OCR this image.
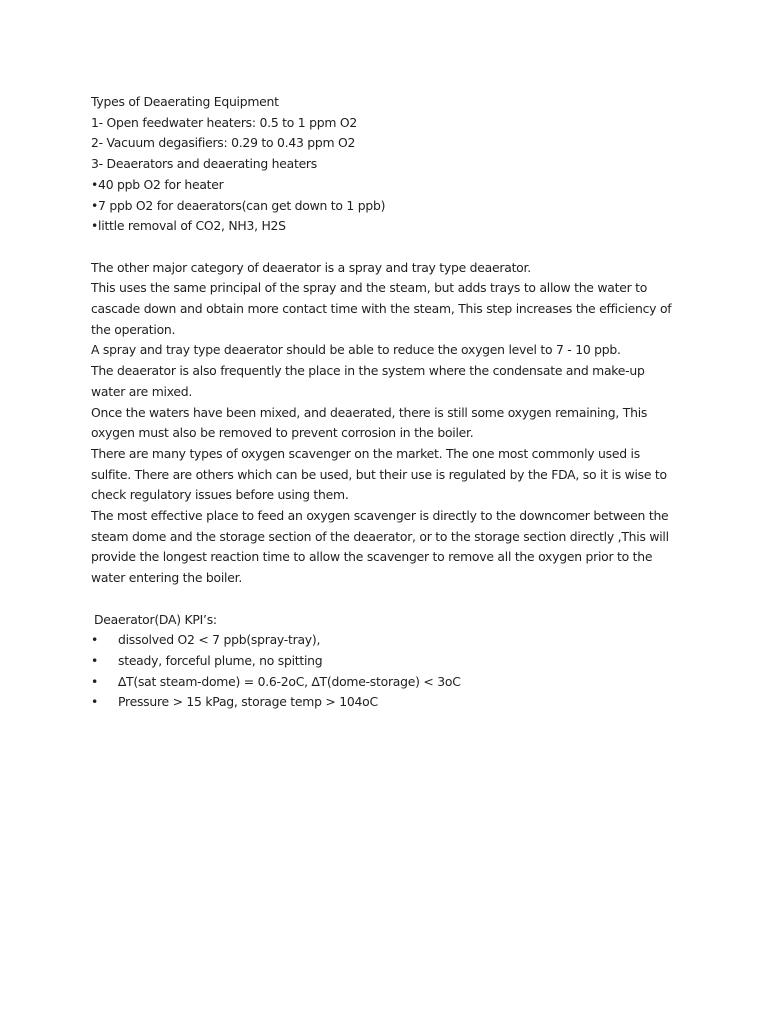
Types of Deaerating Equipment
1- Open feedwater heaters: 0.5 to 1 ppm O2
2- Vacuum degasifiers: 0.29 to 0.43 ppm O2
3- Deaerators and deaerating heaters
•40 ppb O2 for heater
•7 ppb O2 for deaerators(can get down to 1 ppb)
•little removal of CO2, NH3, H2S
The other major category of deaerator is a spray and tray type deaerator.
This uses the same principal of the spray and the steam, but adds trays to allow the water to cascade down and obtain more contact time with the steam, This step increases the efficiency of the operation.
A spray and tray type deaerator should be able to reduce the oxygen level to 7 - 10 ppb.
The deaerator is also frequently the place in the system where the condensate and make-up water are mixed.
Once the waters have been mixed, and deaerated, there is still some oxygen remaining, This oxygen must also be removed to prevent corrosion in the boiler.
There are many types of oxygen scavenger on the market. The one most commonly used is sulfite. There are others which can be used, but their use is regulated by the FDA, so it is wise to check regulatory issues before using them.
The most effective place to feed an oxygen scavenger is directly to the downcomer between the steam dome and the storage section of the deaerator, or to the storage section directly ,This will provide the longest reaction time to allow the scavenger to remove all the oxygen prior to the water entering the boiler.
Deaerator(DA) KPI’s:
• dissolved O2 < 7 ppb(spray-tray),
• steady, forceful plume, no spitting
• ∆T(sat steam-dome) = 0.6-2oC, ∆T(dome-storage) < 3oC
• Pressure > 15 kPag, storage temp > 104oC
